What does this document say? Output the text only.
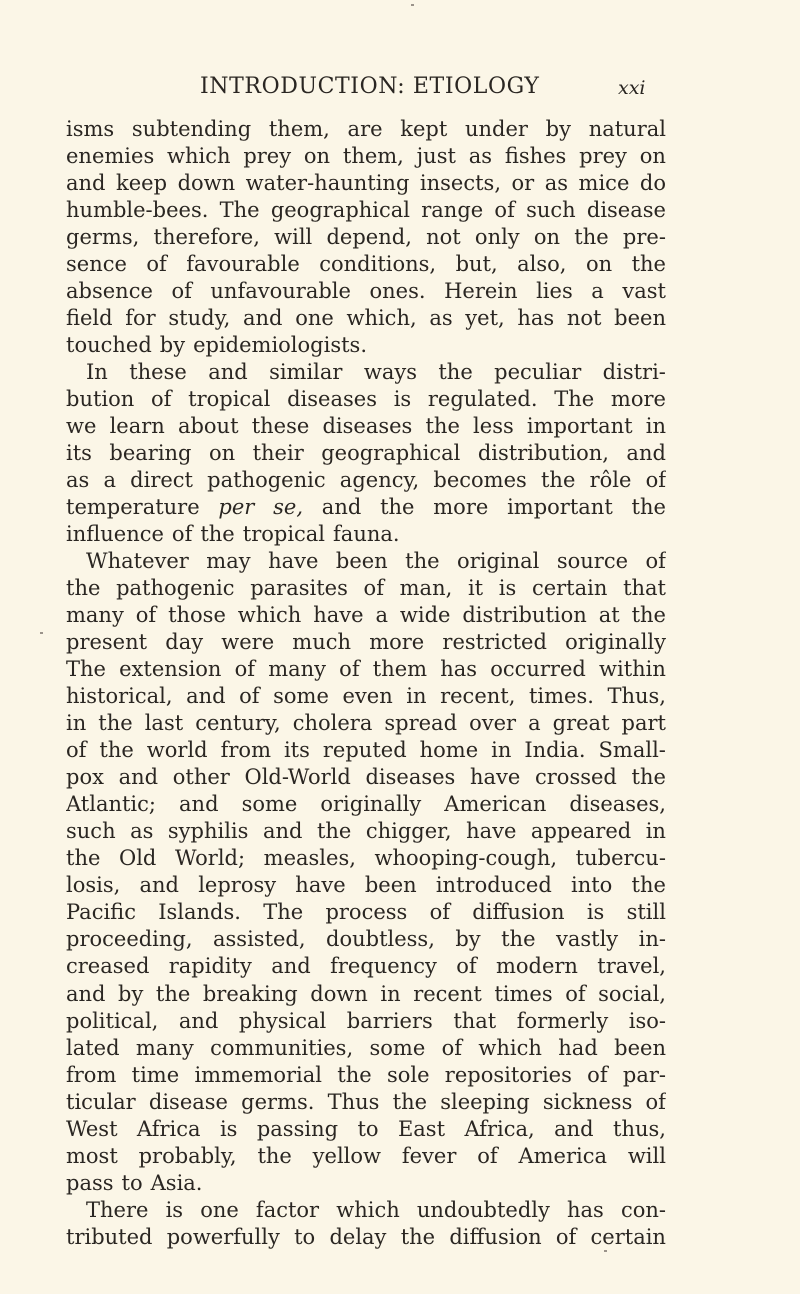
INTRODUCTION: ETIOLOGY	xxi
isms subtending them, are kept under by natural
enemies which prey on them, just as fishes prey on
and keep down water-haunting insects, or as mice do
humble-bees. The geographical range of such disease
germs, therefore, will depend, not only on the pre-
sence of favourable conditions, but, also, on the
absence of unfavourable ones. Herein lies a vast
field for study, and one which, as yet, has not been
touched by epidemiologists.
In these and similar ways the peculiar distri-
bution of tropical diseases is regulated. The more
we learn about these diseases the less important in
its bearing on their geographical distribution, and
as a direct pathogenic agency, becomes the rôle of
temperature per se, and the more important the
influence of the tropical fauna.
Whatever may have been the original source of
the pathogenic parasites of man, it is certain that
many of those which have a wide distribution at the
present day were much more restricted originally
The extension of many of them has occurred within
historical, and of some even in recent, times. Thus,
in the last century, cholera spread over a great part
of the world from its reputed home in India. Small-
pox and other Old-World diseases have crossed the
Atlantic; and some originally American diseases,
such as syphilis and the chigger, have appeared in
the Old World; measles, whooping-cough, tubercu-
losis, and leprosy have been introduced into the
Pacific Islands. The process of diffusion is still
proceeding, assisted, doubtless, by the vastly in-
creased rapidity and frequency of modern travel,
and by the breaking down in recent times of social,
political, and physical barriers that formerly iso-
lated many communities, some of which had been
from time immemorial the sole repositories of par-
ticular disease germs. Thus the sleeping sickness of
West Africa is passing to East Africa, and thus,
most probably, the yellow fever of America will
pass to Asia.
There is one factor which undoubtedly has con-
tributed powerfully to delay the diffusion of certain
